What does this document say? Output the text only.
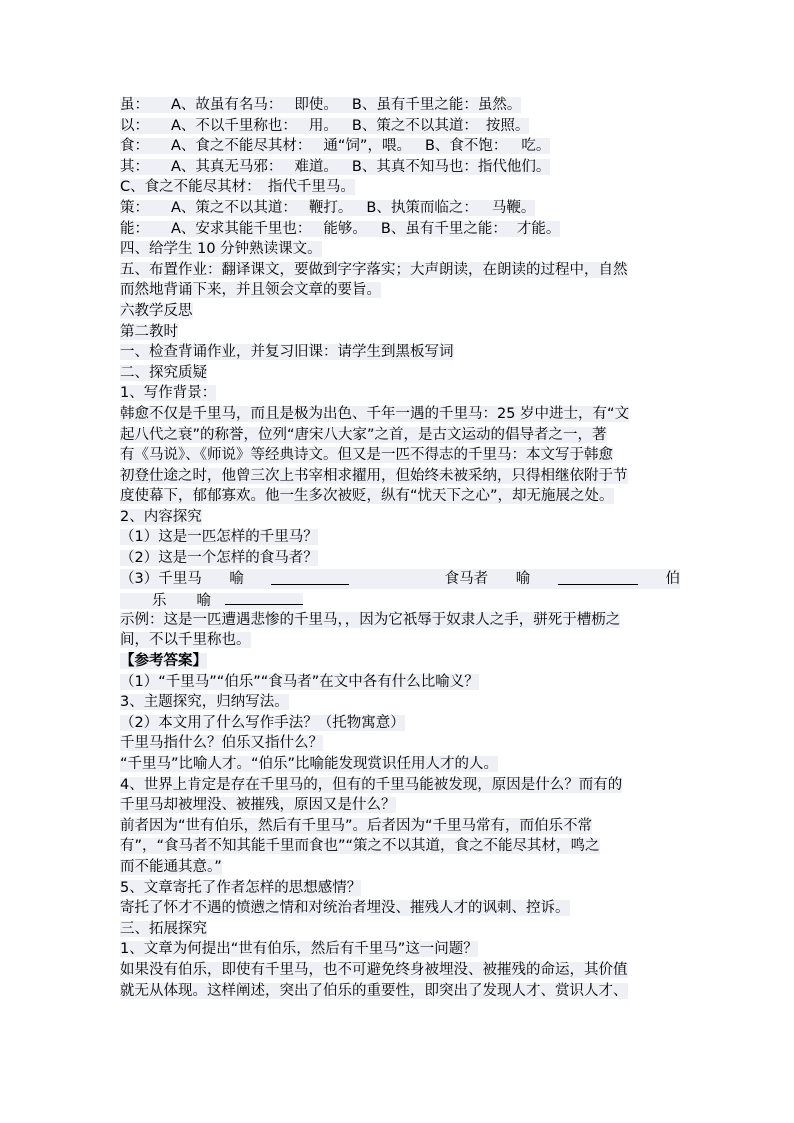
虽： A、故虽有名马： 即使。 B、虽有千里之能：虽然。
以： A、不以千里称也： 用。 B、策之不以其道： 按照。
食： A、食之不能尽其材： 通“饲”，喂。 B、食不饱： 吃。
其： A、其真无马邪： 难道。 B、其真不知马也：指代他们。
C、食之不能尽其材：　指代千里马。
策： A、策之不以其道： 鞭打。 B、执策而临之： 马鞭。
能： A、安求其能千里也： 能够。 B、虽有千里之能： 才能。
四、给学生 10 分钟熟读课文。
五、布置作业：翻译课文，要做到字字落实；大声朗读，在朗读的过程中，自然
而然地背诵下来，并且领会文章的要旨。
六教学反思
第二教时
一、检查背诵作业，并复习旧课：请学生到黑板写词
二、探究质疑
1、写作背景：
韩愈不仅是千里马，而且是极为出色、千年一遇的千里马：25 岁中进士，有“文
起八代之衰”的称誉，位列“唐宋八大家”之首，是古文运动的倡导者之一，著
有《马说》、《师说》等经典诗文。但又是一匹不得志的千里马：本文写于韩愈
初登仕途之时，他曾三次上书宰相求擢用，但始终未被采纳，只得相继依附于节
度使幕下，郁郁寡欢。他一生多次被贬，纵有“忧天下之心”，却无施展之处。
2、内容探究
（1）这是一匹怎样的千里马？
（2）这是一个怎样的食马者？
（3）千里马 喻	食马者 喻	伯
乐 喻
示例：这是一匹遭遇悲惨的千里马，，因为它祇辱于奴隶人之手，骈死于槽枥之
间，不以千里称也。
【参考答案】
（1）“千里马”“伯乐”“食马者”在文中各有什么比喻义？
3、主题探究，归纳写法。
（2）本文用了什么写作手法？（托物寓意）
千里马指什么？伯乐又指什么？
“千里马”比喻人才。“伯乐”比喻能发现赏识任用人才的人。
4、世界上肯定是存在千里马的，但有的千里马能被发现，原因是什么？而有的
千里马却被埋没、被摧残，原因又是什么？
前者因为“世有伯乐，然后有千里马”。后者因为“千里马常有，而伯乐不常
有”，“食马者不知其能千里而食也”“策之不以其道，食之不能尽其材，鸣之
而不能通其意。”
5、文章寄托了作者怎样的思想感情？
寄托了怀才不遇的愤懑之情和对统治者埋没、摧残人才的讽刺、控诉。
三、拓展探究
1、文章为何提出“世有伯乐，然后有千里马”这一问题？
如果没有伯乐，即使有千里马，也不可避免终身被埋没、被摧残的命运，其价值
就无从体现。这样阐述，突出了伯乐的重要性，即突出了发现人才、赏识人才、
